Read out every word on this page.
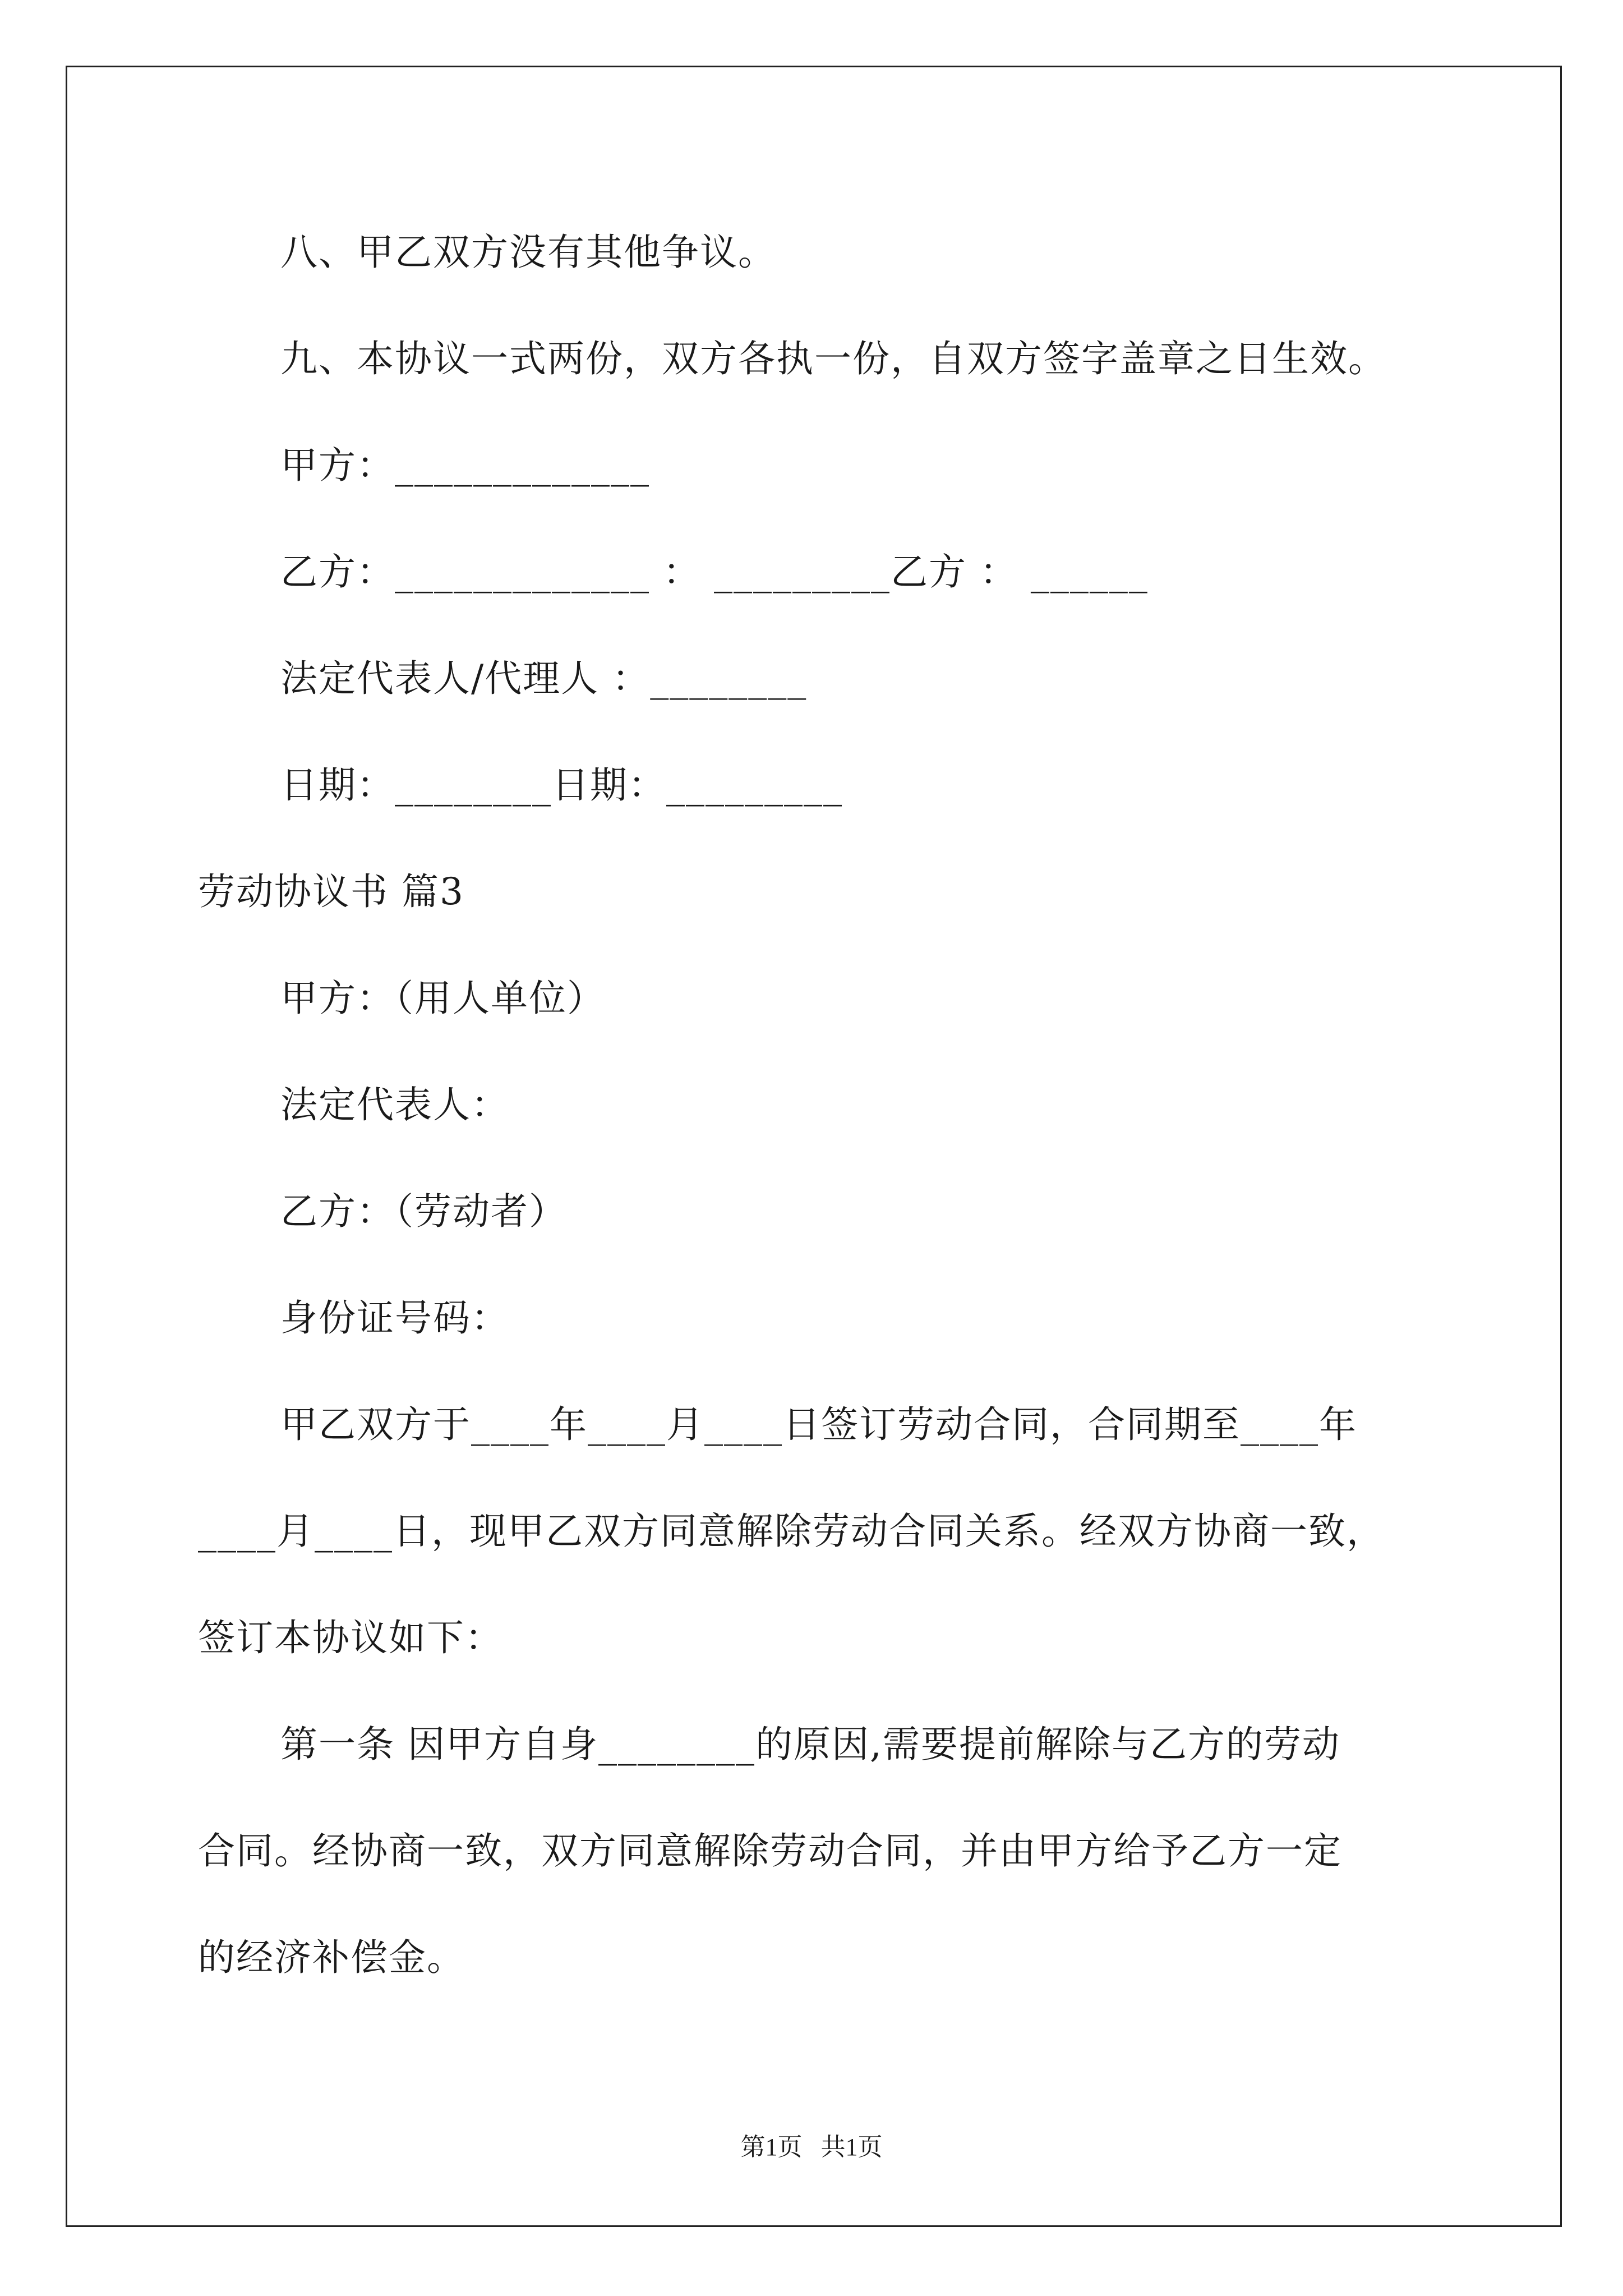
八、甲乙双方没有其他争议。
九、本协议一式两份，双方各执一份，自双方签字盖章之日生效。
甲方：_____________
乙方：_____________ ： _________乙方 ： ______
法定代表人/代理人 ：________
日期：________日期：_________
劳动协议书 篇3
甲方：（用人单位）
法定代表人：
乙方：（劳动者）
身份证号码：
甲乙双方于____年____月____日签订劳动合同，合同期至____年
____月____日，现甲乙双方同意解除劳动合同关系。经双方协商一致，
签订本协议如下：
第一条 因甲方自身________的原因,需要提前解除与乙方的劳动
合同。经协商一致，双方同意解除劳动合同，并由甲方给予乙方一定
的经济补偿金。
第1页   共1页
